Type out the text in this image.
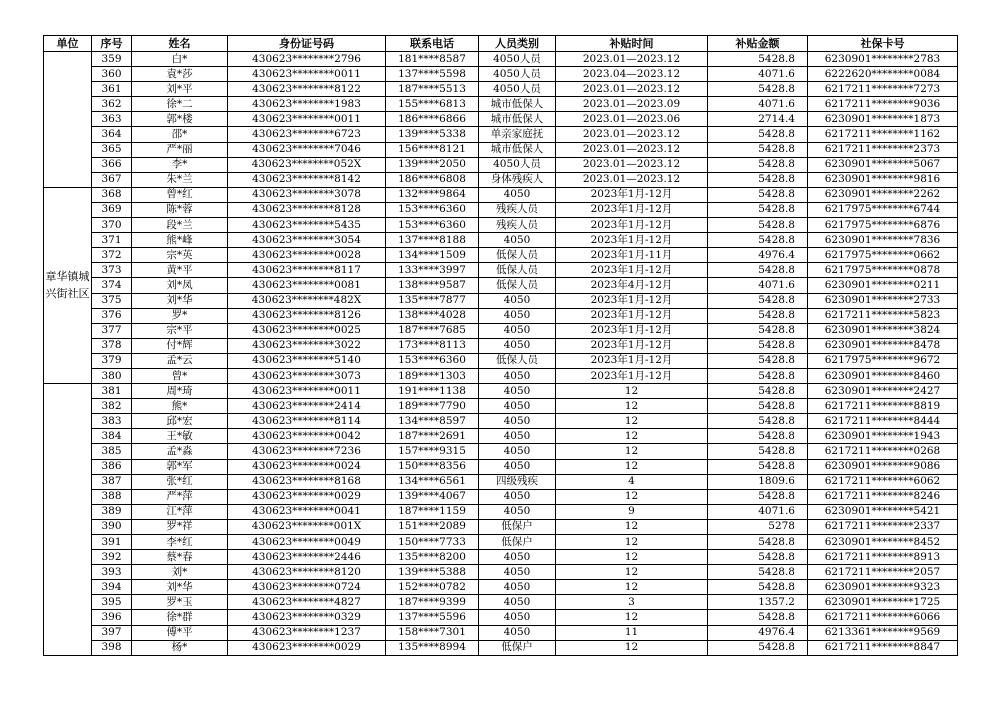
单位	序号	姓名	身份证号码	联系电话	人员类别	补贴时间	补贴金额	社保卡号
	359	白*	430623********2796	181****8587	4050人员	2023.01—2023.12	5428.8	6230901********2783
	360	袁*莎	430623********0011	137****5598	4050人员	2023.04—2023.12	4071.6	6222620********0084
	361	刘*平	430623********8122	187****5513	4050人员	2023.01—2023.12	5428.8	6217211********7273
	362	徐*二	430623********1983	155****6813	城市低保人	2023.01—2023.09	4071.6	6217211********9036
	363	郭*楼	430623********0011	186****6866	城市低保人	2023.01—2023.06	2714.4	6230901********1873
	364	邵*	430623********6723	139****5338	单亲家庭抚	2023.01—2023.12	5428.8	6217211********1162
	365	严*丽	430623********7046	156****8121	城市低保人	2023.01—2023.12	5428.8	6217211********2373
	366	李*	430623********052X	139****2050	4050人员	2023.01—2023.12	5428.8	6230901********5067
	367	朱*兰	430623********8142	186****6808	身体残疾人	2023.01—2023.12	5428.8	6230901********9816
章华镇城兴街社区	368	曾*红	430623********3078	132****9864	4050	2023年1月-12月	5428.8	6230901********2262
	369	陈*蓉	430623********8128	153****6360	残疾人员	2023年1月-12月	5428.8	6217975********6744
	370	段*兰	430623********5435	153****6360	残疾人员	2023年1月-12月	5428.8	6217975********6876
	371	熊*峰	430623********3054	137****8188	4050	2023年1月-12月	5428.8	6230901********7836
	372	宗*英	430623********0028	134****1509	低保人员	2023年1月-11月	4976.4	6217975********0662
	373	黄*平	430623********8117	133****3997	低保人员	2023年1月-12月	5428.8	6217975********0878
	374	刘*凤	430623********0081	138****9587	低保人员	2023年4月-12月	4071.6	6230901********0211
	375	刘*华	430623********482X	135****7877	4050	2023年1月-12月	5428.8	6230901********2733
	376	罗*	430623********8126	138****4028	4050	2023年1月-12月	5428.8	6217211********5823
	377	宗*平	430623********0025	187****7685	4050	2023年1月-12月	5428.8	6230901********3824
	378	付*辉	430623********3022	173****8113	4050	2023年1月-12月	5428.8	6230901********8478
	379	孟*云	430623********5140	153****6360	低保人员	2023年1月-12月	5428.8	6217975********9672
	380	曾*	430623********3073	189****1303	4050	2023年1月-12月	5428.8	6230901********8460
	381	周*琦	430623********0011	191****1138	4050	12	5428.8	6230901********2427
	382	熊*	430623********2414	189****7790	4050	12	5428.8	6217211********8819
	383	邱*宏	430623********8114	134****8597	4050	12	5428.8	6217211********8444
	384	王*敏	430623********0042	187****2691	4050	12	5428.8	6230901********1943
	385	孟*淼	430623********7236	157****9315	4050	12	5428.8	6217211********0268
	386	郭*军	430623********0024	150****8356	4050	12	5428.8	6230901********9086
	387	张*红	430623********8168	134****6561	四级残疾	4	1809.6	6217211********6062
	388	严*萍	430623********0029	139****4067	4050	12	5428.8	6217211********8246
	389	江*萍	430623********0041	187****1159	4050	9	4071.6	6230901********5421
	390	罗*祥	430623********001X	151****2089	低保户	12	5278	6217211********2337
	391	李*红	430623********0049	150****7733	低保户	12	5428.8	6230901********8452
	392	蔡*春	430623********2446	135****8200	4050	12	5428.8	6217211********8913
	393	刘*	430623********8120	139****5388	4050	12	5428.8	6217211********2057
	394	刘*华	430623********0724	152****0782	4050	12	5428.8	6230901********9323
	395	罗*玉	430623********4827	187****9399	4050	3	1357.2	6230901********1725
	396	徐*群	430623********0329	137****5596	4050	12	5428.8	6217211********6066
	397	傅*平	430623********1237	158****7301	4050	11	4976.4	6213361********9569
	398	杨*	430623********0029	135****8994	低保户	12	5428.8	6217211********8847
